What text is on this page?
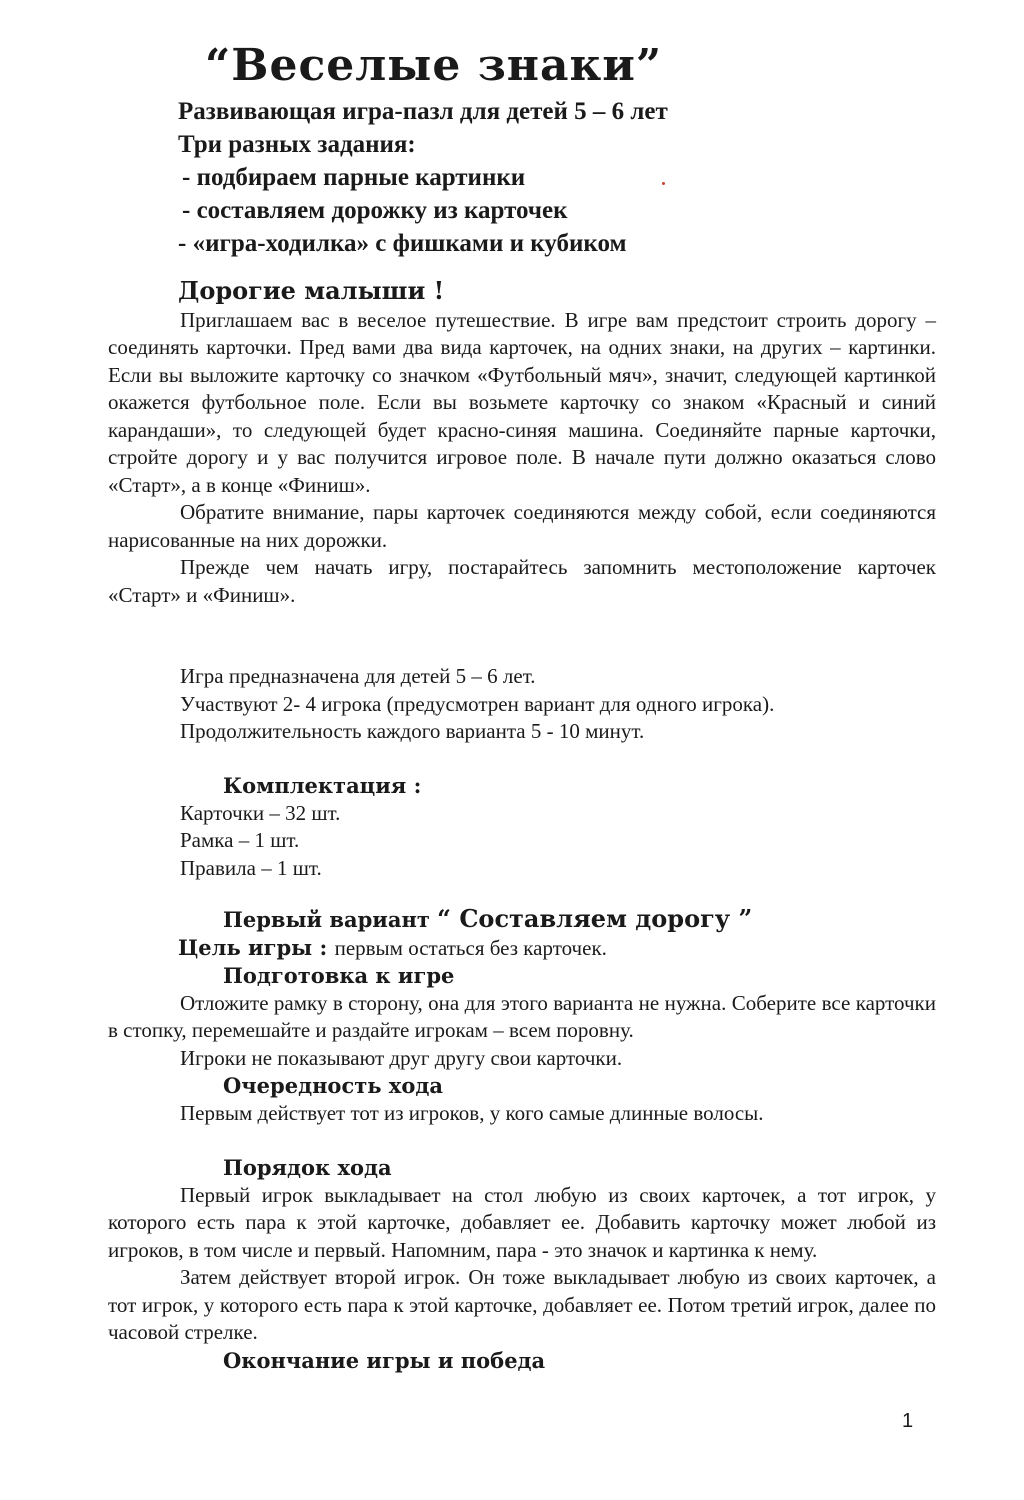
“Веселые знаки”
Развивающая игра-пазл для детей 5 – 6 лет
Три разных задания:
- подбираем парные картинки
- составляем дорожку из карточек
- «игра-ходилка» с фишками и кубиком
Дорогие малыши !

Приглашаем вас в веселое путешествие. В игре вам предстоит строить дорогу – соединять карточки. Пред вами два вида карточек, на одних знаки, на других – картинки. Если вы выложите карточку со значком «Футбольный мяч», значит, следующей картинкой окажется футбольное поле. Если вы возьмете карточку со знаком «Красный и синий карандаши», то следующей будет красно-синяя машина. Соединяйте парные карточки, стройте дорогу и у вас получится игровое поле. В начале пути должно оказаться слово «Старт», а в конце «Финиш».

Обратите внимание, пары карточек соединяются между собой, если соединяются нарисованные на них дорожки.

Прежде чем начать игру, постарайтесь запомнить местоположение карточек «Старт» и «Финиш».

Игра предназначена для детей 5 – 6 лет.
Участвуют 2- 4 игрока (предусмотрен вариант для одного игрока).
Продолжительность каждого варианта 5 - 10 минут.
Комплектация :
Карточки – 32 шт.
Рамка – 1 шт.
Правила – 1 шт.
Первый вариант “ Составляем дорогу ”
Цель игры : первым остаться без карточек.
Подготовка к игре

Отложите рамку в сторону, она для этого варианта не нужна. Соберите все карточки в стопку, перемешайте и раздайте игрокам – всем поровну.

Игроки не показывают друг другу свои карточки.

Очередность хода

Первым действует тот из игроков, у кого самые длинные волосы.

Порядок хода

Первый игрок выкладывает на стол любую из своих карточек, а тот игрок, у которого есть пара к этой карточке, добавляет ее. Добавить карточку может любой из игроков, в том числе и первый. Напомним, пара - это значок и картинка к нему.

Затем действует второй игрок. Он тоже выкладывает любую из своих карточек, а тот игрок, у которого есть пара к этой карточке, добавляет ее. Потом третий игрок, далее по часовой стрелке.

Окончание игры и победа
1
